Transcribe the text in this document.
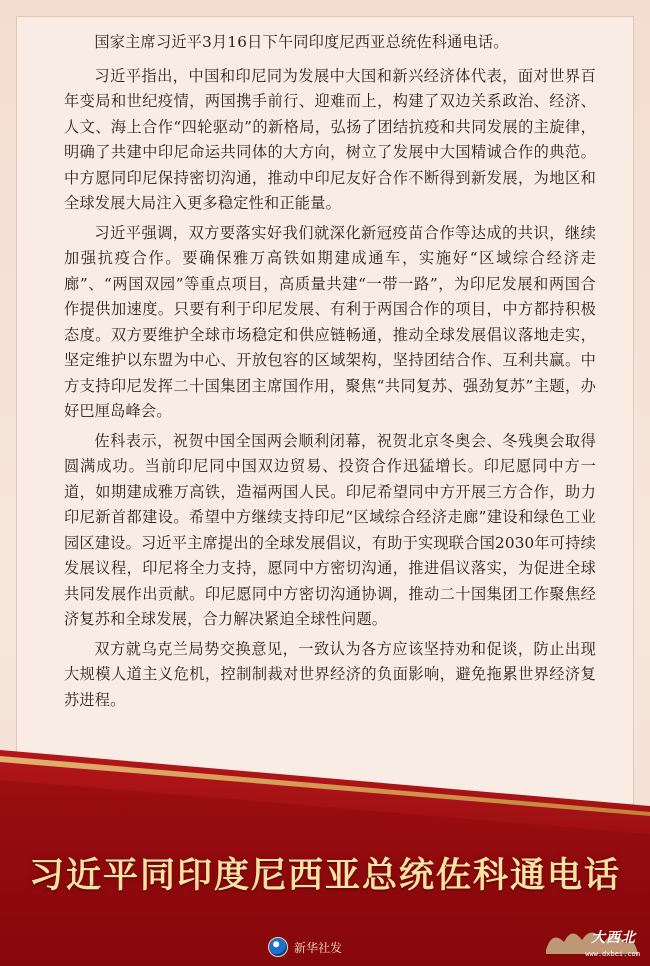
国家主席习近平3月16日下午同印度尼西亚总统佐科通电话。

习近平指出，中国和印尼同为发展中大国和新兴经济体代表，面对世界百年变局和世纪疫情，两国携手前行、迎难而上，构建了双边关系政治、经济、人文、海上合作“四轮驱动”的新格局，弘扬了团结抗疫和共同发展的主旋律，明确了共建中印尼命运共同体的大方向，树立了发展中大国精诚合作的典范。中方愿同印尼保持密切沟通，推动中印尼友好合作不断得到新发展，为地区和全球发展大局注入更多稳定性和正能量。

习近平强调，双方要落实好我们就深化新冠疫苗合作等达成的共识，继续加强抗疫合作。要确保雅万高铁如期建成通车，实施好“区域综合经济走廊”、“两国双园”等重点项目，高质量共建“一带一路”，为印尼发展和两国合作提供加速度。只要有利于印尼发展、有利于两国合作的项目，中方都持积极态度。双方要维护全球市场稳定和供应链畅通，推动全球发展倡议落地走实，坚定维护以东盟为中心、开放包容的区域架构，坚持团结合作、互利共赢。中方支持印尼发挥二十国集团主席国作用，聚焦“共同复苏、强劲复苏”主题，办好巴厘岛峰会。

佐科表示，祝贺中国全国两会顺利闭幕，祝贺北京冬奥会、冬残奥会取得圆满成功。当前印尼同中国双边贸易、投资合作迅猛增长。印尼愿同中方一道，如期建成雅万高铁，造福两国人民。印尼希望同中方开展三方合作，助力印尼新首都建设。希望中方继续支持印尼“区域综合经济走廊”建设和绿色工业园区建设。习近平主席提出的全球发展倡议，有助于实现联合国2030年可持续发展议程，印尼将全力支持，愿同中方密切沟通，推进倡议落实，为促进全球共同发展作出贡献。印尼愿同中方密切沟通协调，推动二十国集团工作聚焦经济复苏和全球发展，合力解决紧迫全球性问题。

双方就乌克兰局势交换意见，一致认为各方应该坚持劝和促谈，防止出现大规模人道主义危机，控制制裁对世界经济的负面影响，避免拖累世界经济复苏进程。

习近平同印度尼西亚总统佐科通电话
新华社发
大西北
www.dxbei.com
